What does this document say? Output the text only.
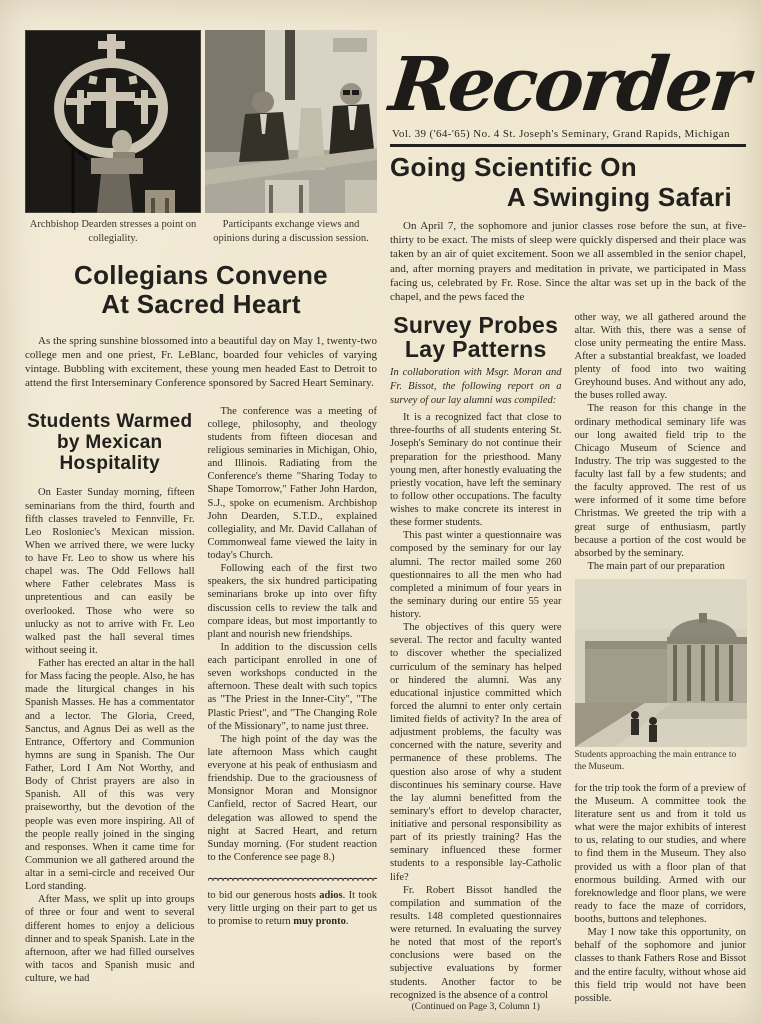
Archbishop Dearden stresses a point on collegiality.
Participants exchange views and opinions during a discussion session.
Collegians Convene
At Sacred Heart

As the spring sunshine blossomed into a beautiful day on May 1, twenty-two college men and one priest, Fr. LeBlanc, boarded four vehicles of varying vintage. Bubbling with excitement, these young men headed East to Detroit to attend the first Interseminary Conference sponsored by Sacred Heart Seminary.

Students Warmed by Mexican Hospitality

On Easter Sunday morning, fifteen seminarians from the third, fourth and fifth classes traveled to Fennville, Fr. Leo Rosloniec's Mexican mission. When we arrived there, we were lucky to have Fr. Leo to show us where his chapel was. The Odd Fellows hall where Father celebrates Mass is unpretentious and can easily be overlooked. Those who were so unlucky as not to arrive with Fr. Leo walked past the hall several times without seeing it.

Father has erected an altar in the hall for Mass facing the people. Also, he has made the liturgical changes in his Spanish Masses. He has a commentator and a lector. The Gloria, Creed, Sanctus, and Agnus Dei as well as the Entrance, Offertory and Communion hymns are sung in Spanish. The Our Father, Lord I Am Not Worthy, and Body of Christ prayers are also in Spanish. All of this was very praiseworthy, but the devotion of the people was even more inspiring. All of the people really joined in the singing and responses. When it came time for Communion we all gathered around the altar in a semi-circle and received Our Lord standing.

After Mass, we split up into groups of three or four and went to several different homes to enjoy a delicious dinner and to speak Spanish. Late in the afternoon, after we had filled ourselves with tacos and Spanish music and culture, we had

The conference was a meeting of college, philosophy, and theology students from fifteen diocesan and religious seminaries in Michigan, Ohio, and Illinois. Radiating from the Conference's theme "Sharing Today to Shape Tomorrow," Father John Hardon, S.J., spoke on ecumenism. Archbishop John Dearden, S.T.D., explained collegiality, and Mr. David Callahan of Commonweal fame viewed the laity in today's Church.

Following each of the first two speakers, the six hundred participating seminarians broke up into over fifty discussion cells to review the talk and compare ideas, but most importantly to plant and nourish new friendships.

In addition to the discussion cells each participant enrolled in one of seven workshops conducted in the afternoon. These dealt with such topics as "The Priest in the Inner-City", "The Plastic Priest", and "The Changing Role of the Missionary", to name just three.

The high point of the day was the late afternoon Mass which caught everyone at his peak of enthusiasm and friendship. Due to the graciousness of Monsignor Moran and Monsignor Canfield, rector of Sacred Heart, our delegation was allowed to spend the night at Sacred Heart, and return Sunday morning. (For student reaction to the Conference see page 8.)

to bid our generous hosts adios. It took very little urging on their part to get us to promise to return muy pronto.

Recorder
Vol. 39 ('64-'65) No. 4 St. Joseph's Seminary, Grand Rapids, Michigan
Going Scientific On
A Swinging Safari

On April 7, the sophomore and junior classes rose before the sun, at five-thirty to be exact. The mists of sleep were quickly dispersed and their place was taken by an air of quiet excitement. Soon we all assembled in the senior chapel, and, after morning prayers and meditation in private, we participated in Mass facing us, celebrated by Fr. Rose. Since the altar was set up in the back of the chapel, and the pews faced the

Survey Probes
Lay Patterns
In collaboration with Msgr. Moran and Fr. Bissot, the following report on a survey of our lay alumni was compiled:

It is a recognized fact that close to three-fourths of all students entering St. Joseph's Seminary do not continue their preparation for the priesthood. Many young men, after honestly evaluating the priestly vocation, have left the seminary to follow other occupations. The faculty wishes to make concrete its interest in these former students.

This past winter a questionnaire was composed by the seminary for our lay alumni. The rector mailed some 260 questionnaires to all the men who had completed a minimum of four years in the seminary during our entire 55 year history.

The objectives of this query were several. The rector and faculty wanted to discover whether the specialized curriculum of the seminary has helped or hindered the alumni. Was any educational injustice committed which forced the alumni to enter only certain limited fields of activity? In the area of adjustment problems, the faculty was concerned with the nature, severity and permanence of these problems. The question also arose of why a student discontinues his seminary course. Have the lay alumni benefitted from the seminary's effort to develop character, initiative and personal responsibility as part of its priestly training? Has the seminary influenced these former students to a responsible lay-Catholic life?

Fr. Robert Bissot handled the compilation and summation of the results. 148 completed questionnaires were returned. In evaluating the survey he noted that most of the report's conclusions were based on the subjective evaluations by former students. Another factor to be recognized is the absence of a control

(Continued on Page 3, Column 1)

other way, we all gathered around the altar. With this, there was a sense of close unity permeating the entire Mass. After a substantial breakfast, we loaded plenty of food into two waiting Greyhound buses. And without any ado, the buses rolled away.

The reason for this change in the ordinary methodical seminary life was our long awaited field trip to the Chicago Museum of Science and Industry. The trip was suggested to the faculty last fall by a few students; and the faculty approved. The rest of us were informed of it some time before Christmas. We greeted the trip with a great surge of enthusiasm, partly because a portion of the cost would be absorbed by the seminary.

The main part of our preparation

Students approaching the main entrance to the Museum.

for the trip took the form of a preview of the Museum. A committee took the literature sent us and from it told us what were the major exhibits of interest to us, relating to our studies, and where to find them in the Museum. They also provided us with a floor plan of that enormous building. Armed with our foreknowledge and floor plans, we were ready to face the maze of corridors, booths, buttons and telephones.

May I now take this opportunity, on behalf of the sophomore and junior classes to thank Fathers Rose and Bissot and the entire faculty, without whose aid this field trip would not have been possible.
